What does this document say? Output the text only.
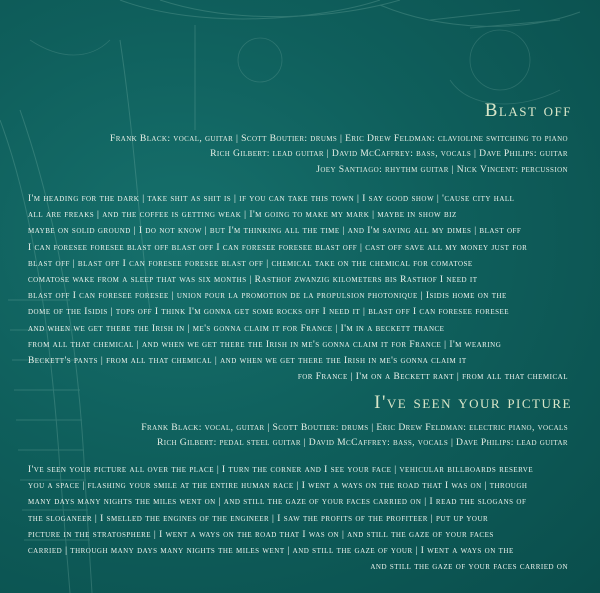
Blast off
Frank Black: vocal, guitar | Scott Boutier: drums | Eric Drew Feldman: clavioline switching to piano
Rich Gilbert: lead guitar | David McCaffrey: bass, vocals | Dave Philips: guitar
Joey Santiago: rhythm guitar | Nick Vincent: percussion
I'm heading for the dark | take shit as shit is | if you can take this town | I say good show | 'cause city hall
all are freaks | and the coffee is getting weak | I'm going to make my mark | maybe in show biz
maybe on solid ground | I do not know | but I'm thinking all the time | and I'm saving all my dimes | blast off
I can foresee foresee blast off blast off I can foresee foresee blast off | cast off save all my money just for
blast off | blast off I can foresee foresee blast off | chemical take on the chemical for comatose
comatose wake from a sleep that was six months | Rasthof zwanzig kilometers bis Rasthof I need it
blast off I can foresee foresee | union pour la promotion de la propulsion photonique | Isidis home on the
dome of the Isidis | tops off I think I'm gonna get some rocks off I need it | blast off I can foresee foresee
and when we get there the Irish in | me's gonna claim it for France | I'm in a beckett trance
from all that chemical | and when we get there the Irish in me's gonna claim it for France | I'm wearing
Beckett's pants | from all that chemical | and when we get there the Irish in me's gonna claim it
for France | I'm on a Beckett rant | from all that chemical
I've seen your picture
Frank Black: vocal, guitar | Scott Boutier: drums | Eric Drew Feldman: electric piano, vocals
Rich Gilbert: pedal steel guitar | David McCaffrey: bass, vocals | Dave Philips: lead guitar
I've seen your picture all over the place | I turn the corner and I see your face | vehicular billboards reserve
you a space | flashing your smile at the entire human race | I went a ways on the road that I was on | through
many days many nights the miles went on | and still the gaze of your faces carried on | I read the slogans of
the sloganeer | I smelled the engines of the engineer | I saw the profits of the profiteer | put up your
picture in the stratosphere | I went a ways on the road that I was on | and still the gaze of your faces
carried | through many days many nights the miles went | and still the gaze of your | I went a ways on the
and still the gaze of your faces carried on
